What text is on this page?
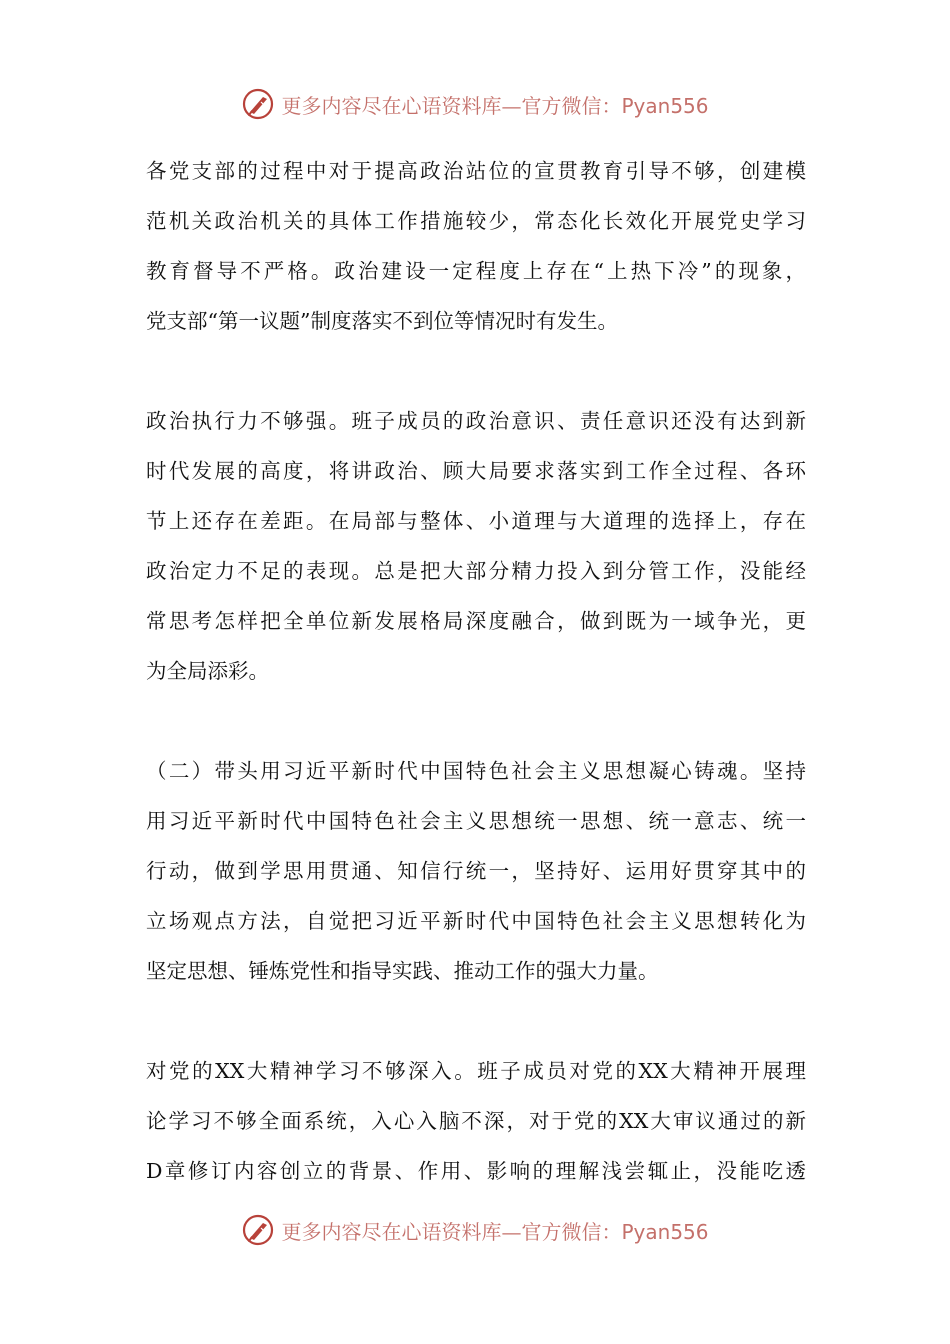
更多内容尽在心语资料库—官方微信：Pyan556
各党支部的过程中对于提高政治站位的宣贯教育引导不够，创建模
范机关政治机关的具体工作措施较少，常态化长效化开展党史学习
教育督导不严格。政治建设一定程度上存在“上热下冷”的现象，
党支部“第一议题”制度落实不到位等情况时有发生。
政治执行力不够强。班子成员的政治意识、责任意识还没有达到新
时代发展的高度，将讲政治、顾大局要求落实到工作全过程、各环
节上还存在差距。在局部与整体、小道理与大道理的选择上，存在
政治定力不足的表现。总是把大部分精力投入到分管工作，没能经
常思考怎样把全单位新发展格局深度融合，做到既为一域争光，更
为全局添彩。
（二）带头用习近平新时代中国特色社会主义思想凝心铸魂。坚持
用习近平新时代中国特色社会主义思想统一思想、统一意志、统一
行动，做到学思用贯通、知信行统一，坚持好、运用好贯穿其中的
立场观点方法，自觉把习近平新时代中国特色社会主义思想转化为
坚定思想、锤炼党性和指导实践、推动工作的强大力量。
对党的XX大精神学习不够深入。班子成员对党的XX大精神开展理
论学习不够全面系统，入心入脑不深，对于党的XX大审议通过的新
D章修订内容创立的背景、作用、影响的理解浅尝辄止，没能吃透
更多内容尽在心语资料库—官方微信：Pyan556
